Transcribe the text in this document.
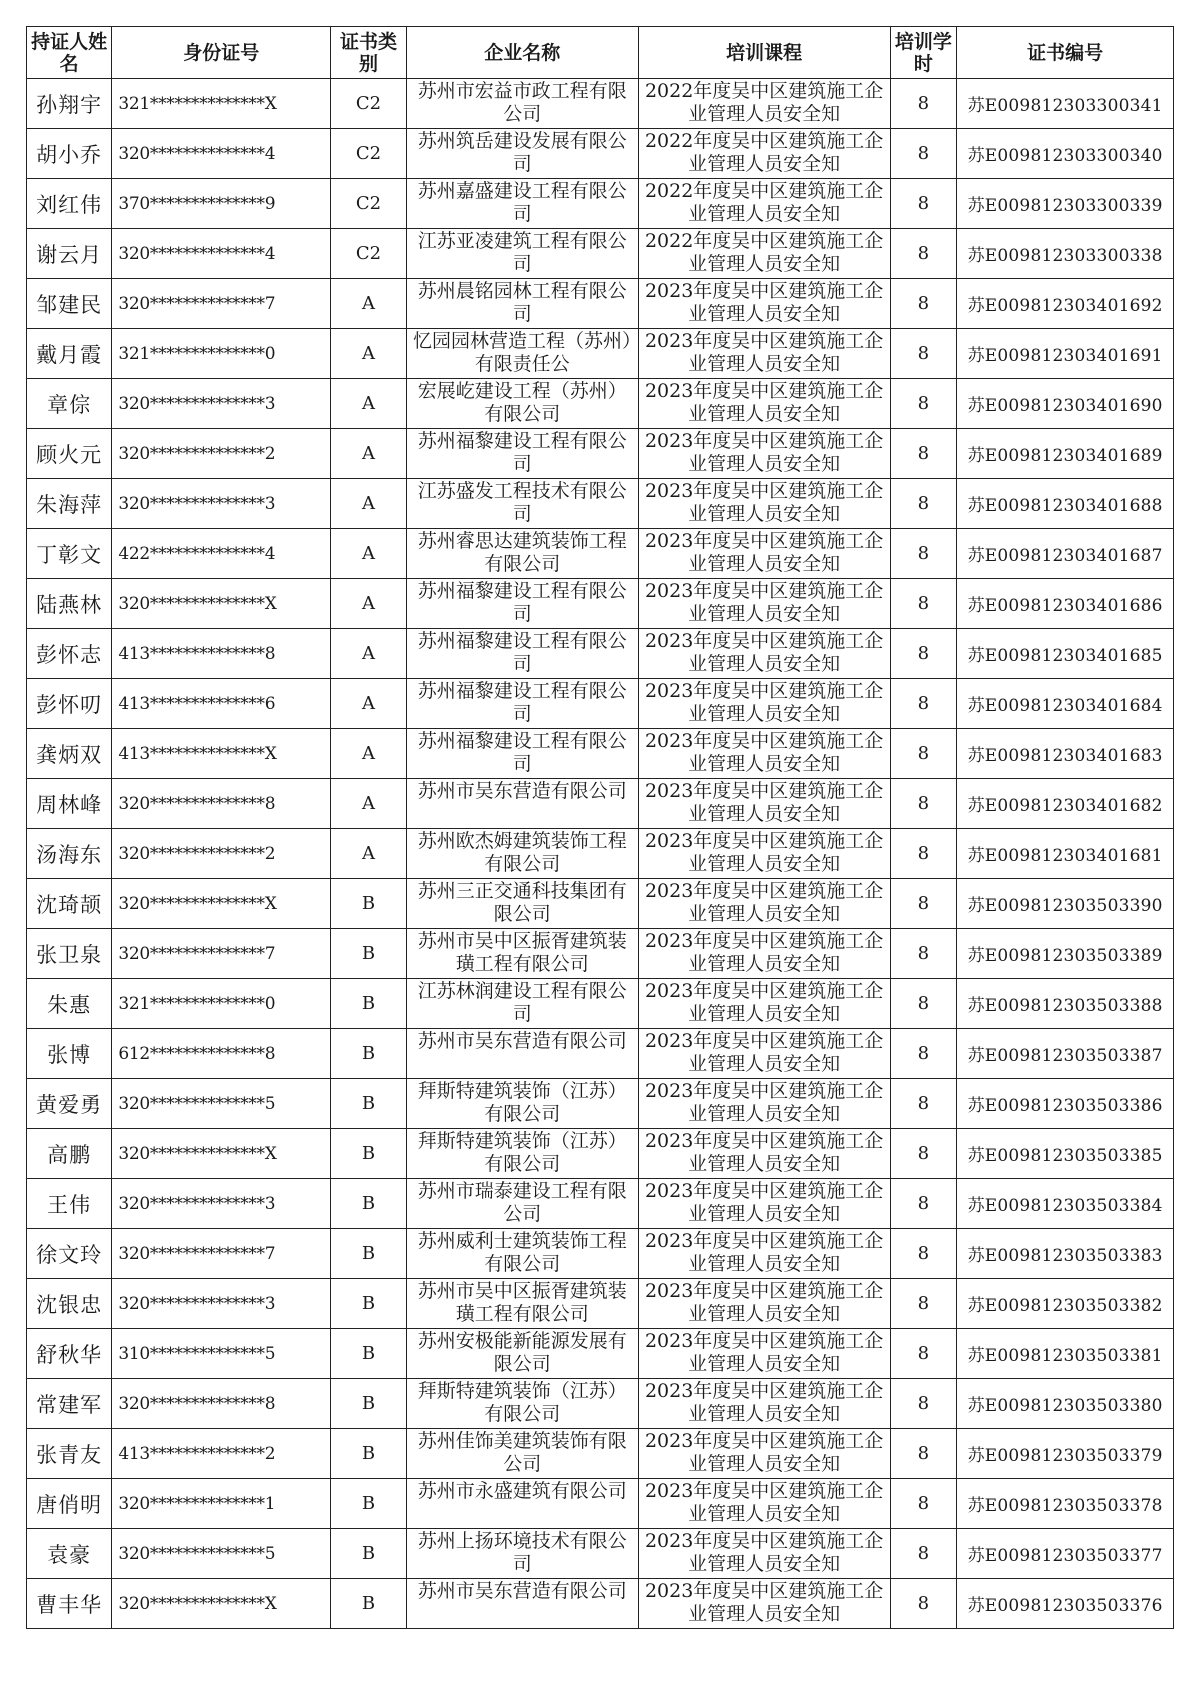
持证人姓名	身份证号	证书类别	企业名称	培训课程	培训学时	证书编号
孙翔宇	321**************X	C2	苏州市宏益市政工程有限公司	2022年度吴中区建筑施工企业管理人员安全知	8	苏E009812303300341
胡小乔	320**************4	C2	苏州筑岳建设发展有限公司	2022年度吴中区建筑施工企业管理人员安全知	8	苏E009812303300340
刘红伟	370**************9	C2	苏州嘉盛建设工程有限公司	2022年度吴中区建筑施工企业管理人员安全知	8	苏E009812303300339
谢云月	320**************4	C2	江苏亚凌建筑工程有限公司	2022年度吴中区建筑施工企业管理人员安全知	8	苏E009812303300338
邹建民	320**************7	A	苏州晨铭园林工程有限公司	2023年度吴中区建筑施工企业管理人员安全知	8	苏E009812303401692
戴月霞	321**************0	A	忆园园林营造工程（苏州）有限责任公	2023年度吴中区建筑施工企业管理人员安全知	8	苏E009812303401691
章倧	320**************3	A	宏展屹建设工程（苏州）有限公司	2023年度吴中区建筑施工企业管理人员安全知	8	苏E009812303401690
顾火元	320**************2	A	苏州福黎建设工程有限公司	2023年度吴中区建筑施工企业管理人员安全知	8	苏E009812303401689
朱海萍	320**************3	A	江苏盛发工程技术有限公司	2023年度吴中区建筑施工企业管理人员安全知	8	苏E009812303401688
丁彰文	422**************4	A	苏州睿思达建筑装饰工程有限公司	2023年度吴中区建筑施工企业管理人员安全知	8	苏E009812303401687
陆燕林	320**************X	A	苏州福黎建设工程有限公司	2023年度吴中区建筑施工企业管理人员安全知	8	苏E009812303401686
彭怀志	413**************8	A	苏州福黎建设工程有限公司	2023年度吴中区建筑施工企业管理人员安全知	8	苏E009812303401685
彭怀叨	413**************6	A	苏州福黎建设工程有限公司	2023年度吴中区建筑施工企业管理人员安全知	8	苏E009812303401684
龚炳双	413**************X	A	苏州福黎建设工程有限公司	2023年度吴中区建筑施工企业管理人员安全知	8	苏E009812303401683
周林峰	320**************8	A	苏州市吴东营造有限公司	2023年度吴中区建筑施工企业管理人员安全知	8	苏E009812303401682
汤海东	320**************2	A	苏州欧杰姆建筑装饰工程有限公司	2023年度吴中区建筑施工企业管理人员安全知	8	苏E009812303401681
沈琦颉	320**************X	B	苏州三正交通科技集团有限公司	2023年度吴中区建筑施工企业管理人员安全知	8	苏E009812303503390
张卫泉	320**************7	B	苏州市吴中区振胥建筑装璜工程有限公司	2023年度吴中区建筑施工企业管理人员安全知	8	苏E009812303503389
朱惠	321**************0	B	江苏林润建设工程有限公司	2023年度吴中区建筑施工企业管理人员安全知	8	苏E009812303503388
张博	612**************8	B	苏州市吴东营造有限公司	2023年度吴中区建筑施工企业管理人员安全知	8	苏E009812303503387
黄爱勇	320**************5	B	拜斯特建筑装饰（江苏）有限公司	2023年度吴中区建筑施工企业管理人员安全知	8	苏E009812303503386
高鹏	320**************X	B	拜斯特建筑装饰（江苏）有限公司	2023年度吴中区建筑施工企业管理人员安全知	8	苏E009812303503385
王伟	320**************3	B	苏州市瑞泰建设工程有限公司	2023年度吴中区建筑施工企业管理人员安全知	8	苏E009812303503384
徐文玲	320**************7	B	苏州威利士建筑装饰工程有限公司	2023年度吴中区建筑施工企业管理人员安全知	8	苏E009812303503383
沈银忠	320**************3	B	苏州市吴中区振胥建筑装璜工程有限公司	2023年度吴中区建筑施工企业管理人员安全知	8	苏E009812303503382
舒秋华	310**************5	B	苏州安极能新能源发展有限公司	2023年度吴中区建筑施工企业管理人员安全知	8	苏E009812303503381
常建军	320**************8	B	拜斯特建筑装饰（江苏）有限公司	2023年度吴中区建筑施工企业管理人员安全知	8	苏E009812303503380
张青友	413**************2	B	苏州佳饰美建筑装饰有限公司	2023年度吴中区建筑施工企业管理人员安全知	8	苏E009812303503379
唐俏明	320**************1	B	苏州市永盛建筑有限公司	2023年度吴中区建筑施工企业管理人员安全知	8	苏E009812303503378
袁豪	320**************5	B	苏州上扬环境技术有限公司	2023年度吴中区建筑施工企业管理人员安全知	8	苏E009812303503377
曹丰华	320**************X	B	苏州市吴东营造有限公司	2023年度吴中区建筑施工企业管理人员安全知	8	苏E009812303503376
